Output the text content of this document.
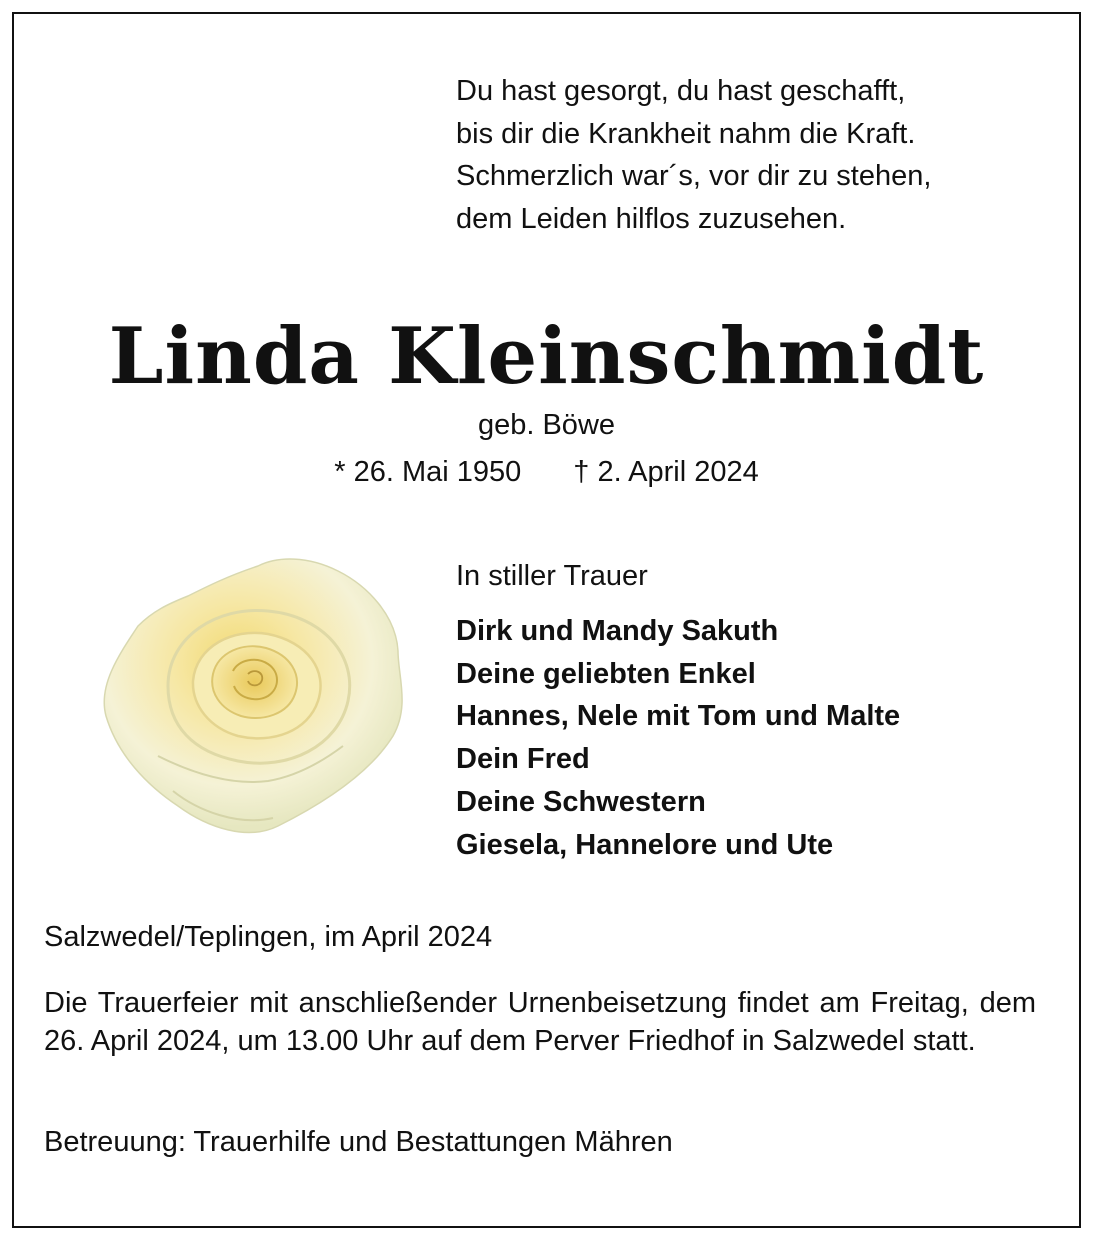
Du hast gesorgt, du hast geschafft,
bis dir die Krankheit nahm die Kraft.
Schmerzlich war´s, vor dir zu stehen,
dem Leiden hilflos zuzusehen.
Linda Kleinschmidt
geb. Böwe
* 26. Mai 1950 † 2. April 2024
In stiller Trauer
Dirk und Mandy Sakuth
Deine geliebten Enkel
Hannes, Nele mit Tom und Malte
Dein Fred
Deine Schwestern
Giesela, Hannelore und Ute
Salzwedel/Teplingen, im April 2024
Die Trauerfeier mit anschließender Urnenbeisetzung findet am Freitag, dem 26. April 2024, um 13.00 Uhr auf dem Perver Friedhof in Salzwedel statt.
Betreuung: Trauerhilfe und Bestattungen Mähren
